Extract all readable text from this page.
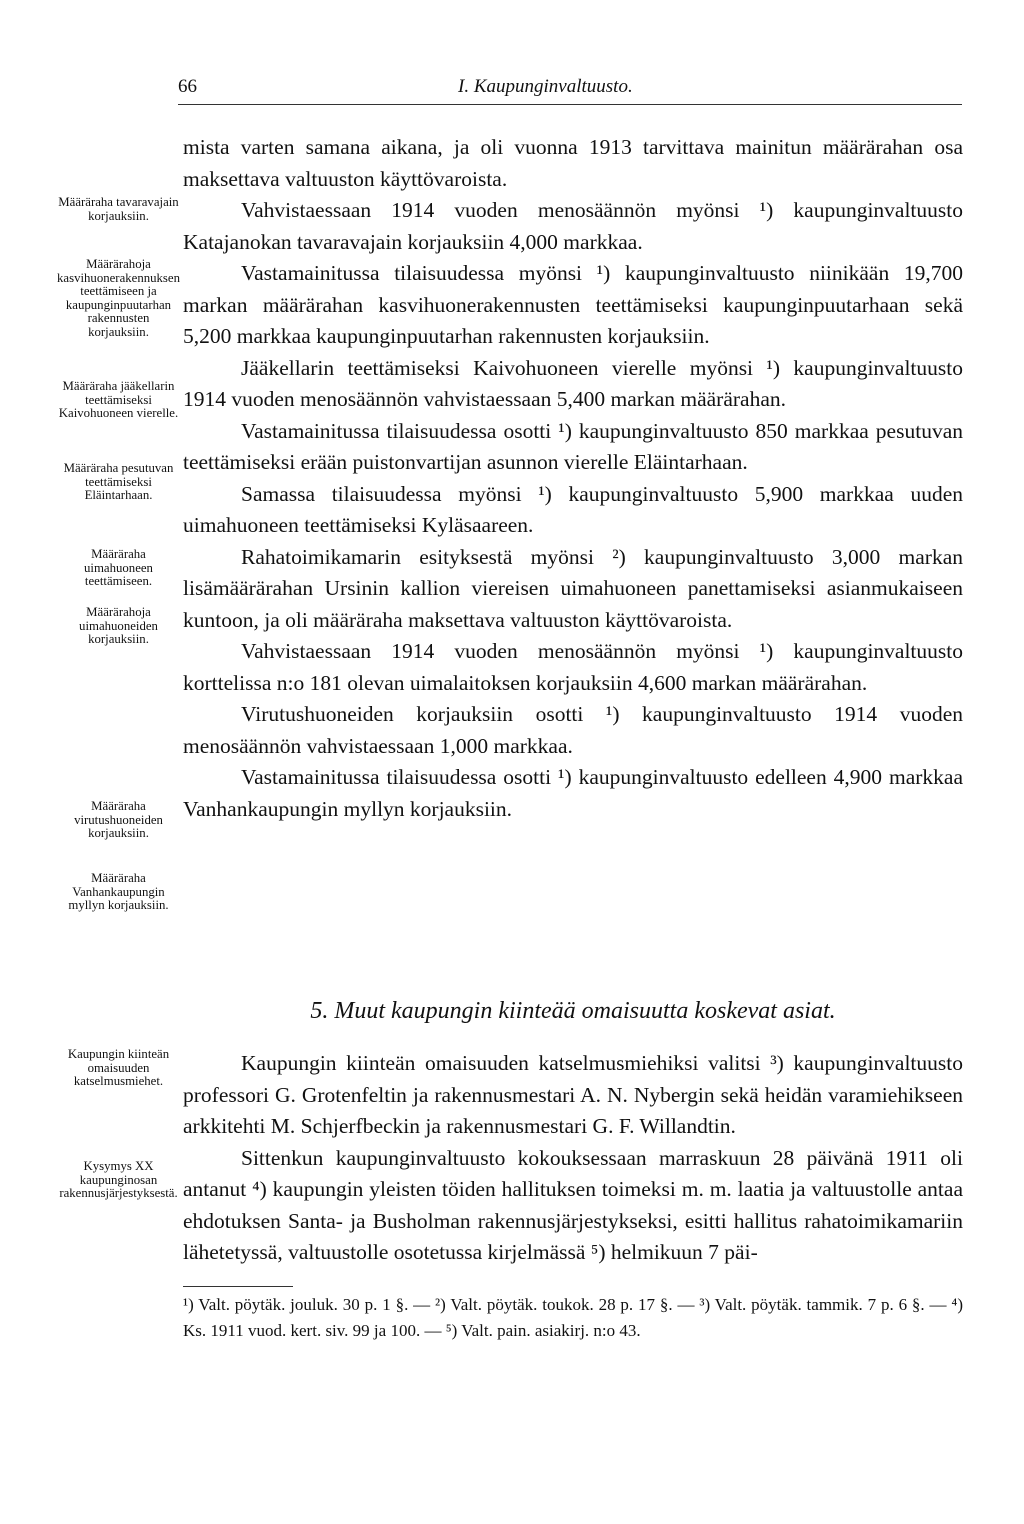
66	I. Kaupunginvaltuusto.

mista varten samana aikana, ja oli vuonna 1913 tarvittava mainitun määrärahan osa maksettava valtuuston käyttövaroista.

Vahvistaessaan 1914 vuoden menosäännön myönsi ¹) kaupunginvaltuusto Katajanokan tavaravajain korjauksiin 4,000 markkaa.

Vastamainitussa tilaisuudessa myönsi ¹) kaupunginvaltuusto niinikään 19,700 markan määrärahan kasvihuonerakennusten teettämiseksi kaupunginpuutarhaan sekä 5,200 markkaa kaupunginpuutarhan rakennusten korjauksiin.

Jääkellarin teettämiseksi Kaivohuoneen vierelle myönsi ¹) kaupunginvaltuusto 1914 vuoden menosäännön vahvistaessaan 5,400 markan määrärahan.

Vastamainitussa tilaisuudessa osotti ¹) kaupunginvaltuusto 850 markkaa pesutuvan teettämiseksi erään puistonvartijan asunnon vierelle Eläintarhaan.

Samassa tilaisuudessa myönsi ¹) kaupunginvaltuusto 5,900 markkaa uuden uimahuoneen teettämiseksi Kyläsaareen.

Rahatoimikamarin esityksestä myönsi ²) kaupunginvaltuusto 3,000 markan lisämäärärahan Ursinin kallion viereisen uimahuoneen panettamiseksi asianmukaiseen kuntoon, ja oli määräraha maksettava valtuuston käyttövaroista.

Vahvistaessaan 1914 vuoden menosäännön myönsi ¹) kaupunginvaltuusto korttelissa n:o 181 olevan uimalaitoksen korjauksiin 4,600 markan määrärahan.

Virutushuoneiden korjauksiin osotti ¹) kaupunginvaltuusto 1914 vuoden menosäännön vahvistaessaan 1,000 markkaa.

Vastamainitussa tilaisuudessa osotti ¹) kaupunginvaltuusto edelleen 4,900 markkaa Vanhankaupungin myllyn korjauksiin.

5. Muut kaupungin kiinteää omaisuutta koskevat asiat.

Kaupungin kiinteän omaisuuden katselmusmiehiksi valitsi ³) kaupunginvaltuusto professori G. Grotenfeltin ja rakennusmestari A. N. Nybergin sekä heidän varamiehikseen arkkitehti M. Schjerfbeckin ja rakennusmestari G. F. Willandtin.

Sittenkun kaupunginvaltuusto kokouksessaan marraskuun 28 päivänä 1911 oli antanut ⁴) kaupungin yleisten töiden hallituksen toimeksi m. m. laatia ja valtuustolle antaa ehdotuksen Santa- ja Busholman rakennusjärjestykseksi, esitti hallitus rahatoimikamariin lähetetyssä, valtuustolle osotetussa kirjelmässä ⁵) helmikuun 7 päi-

Määräraha tavaravajain korjauksiin.
Määrärahoja kasvihuonerakennuksen teettämiseen ja kaupunginpuutarhan rakennusten korjauksiin.
Määräraha jääkellarin teettämiseksi Kaivohuoneen vierelle.
Määräraha pesutuvan teettämiseksi Eläintarhaan.
Määräraha uimahuoneen teettämiseen.
Määrärahoja uimahuoneiden korjauksiin.
Määräraha virutushuoneiden korjauksiin.
Määräraha Vanhankaupungin myllyn korjauksiin.
Kaupungin kiinteän omaisuuden katselmusmiehet.
Kysymys XX kaupunginosan rakennusjärjestyksestä.

¹) Valt. pöytäk. jouluk. 30 p. 1 §. — ²) Valt. pöytäk. toukok. 28 p. 17 §. — ³) Valt. pöytäk. tammik. 7 p. 6 §. — ⁴) Ks. 1911 vuod. kert. siv. 99 ja 100. — ⁵) Valt. pain. asiakirj. n:o 43.
